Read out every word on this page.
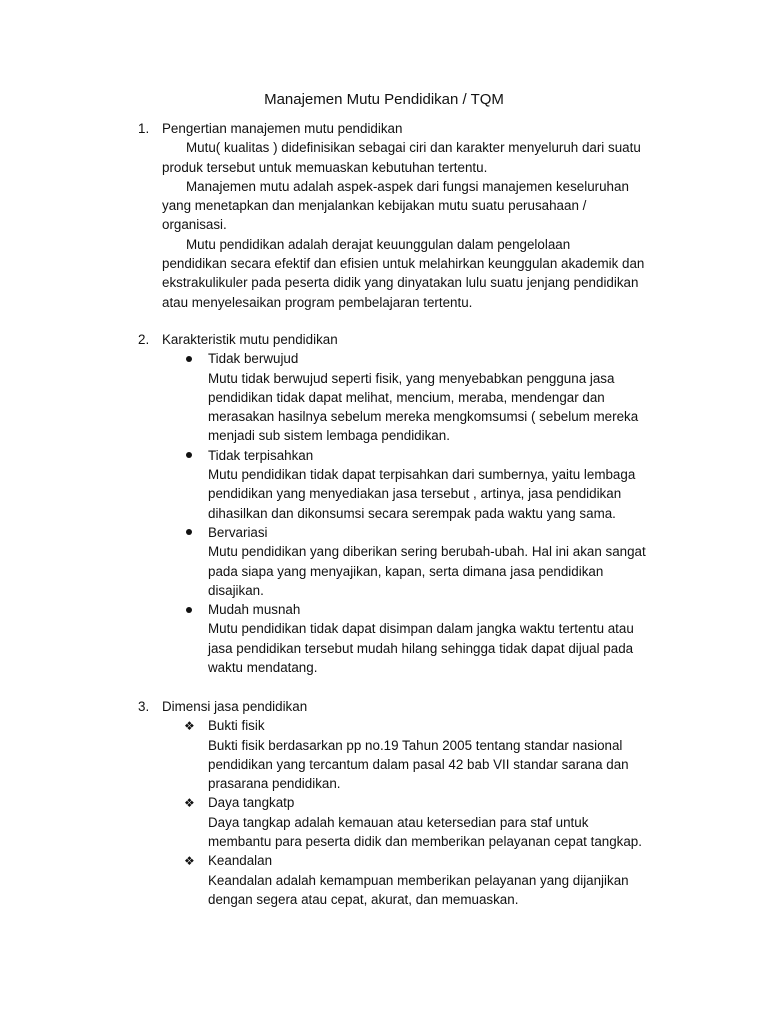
Manajemen Mutu Pendidikan / TQM
1. Pengertian manajemen mutu pendidikan
Mutu( kualitas ) didefinisikan sebagai ciri dan karakter menyeluruh dari suatu
produk tersebut untuk memuaskan kebutuhan tertentu.
Manajemen mutu adalah aspek-aspek dari fungsi manajemen keseluruhan
yang menetapkan dan menjalankan kebijakan mutu suatu perusahaan /
organisasi.
Mutu pendidikan adalah derajat keuunggulan dalam pengelolaan
pendidikan secara efektif dan efisien untuk melahirkan keunggulan akademik dan
ekstrakulikuler pada peserta didik yang dinyatakan lulu suatu jenjang pendidikan
atau menyelesaikan program pembelajaran tertentu.
2. Karakteristik mutu pendidikan
Tidak berwujud
Mutu tidak berwujud seperti fisik, yang menyebabkan pengguna jasa
pendidikan tidak dapat melihat, mencium, meraba, mendengar dan
merasakan hasilnya sebelum mereka mengkomsumsi ( sebelum mereka
menjadi sub sistem lembaga pendidikan.
Tidak terpisahkan
Mutu pendidikan tidak dapat terpisahkan dari sumbernya, yaitu lembaga
pendidikan yang menyediakan jasa tersebut , artinya, jasa pendidikan
dihasilkan dan dikonsumsi secara serempak pada waktu yang sama.
Bervariasi
Mutu pendidikan yang diberikan sering berubah-ubah. Hal ini akan sangat
pada siapa yang menyajikan, kapan, serta dimana jasa pendidikan
disajikan.
Mudah musnah
Mutu pendidikan tidak dapat disimpan dalam jangka waktu tertentu atau
jasa pendidikan tersebut mudah hilang sehingga tidak dapat dijual pada
waktu mendatang.
3. Dimensi jasa pendidikan
❖ Bukti fisik
Bukti fisik berdasarkan pp no.19 Tahun 2005 tentang standar nasional
pendidikan yang tercantum dalam pasal 42 bab VII standar sarana dan
prasarana pendidikan.
❖ Daya tangkatp
Daya tangkap adalah kemauan atau ketersedian para staf untuk
membantu para peserta didik dan memberikan pelayanan cepat tangkap.
❖ Keandalan
Keandalan adalah kemampuan memberikan pelayanan yang dijanjikan
dengan segera atau cepat, akurat, dan memuaskan.
